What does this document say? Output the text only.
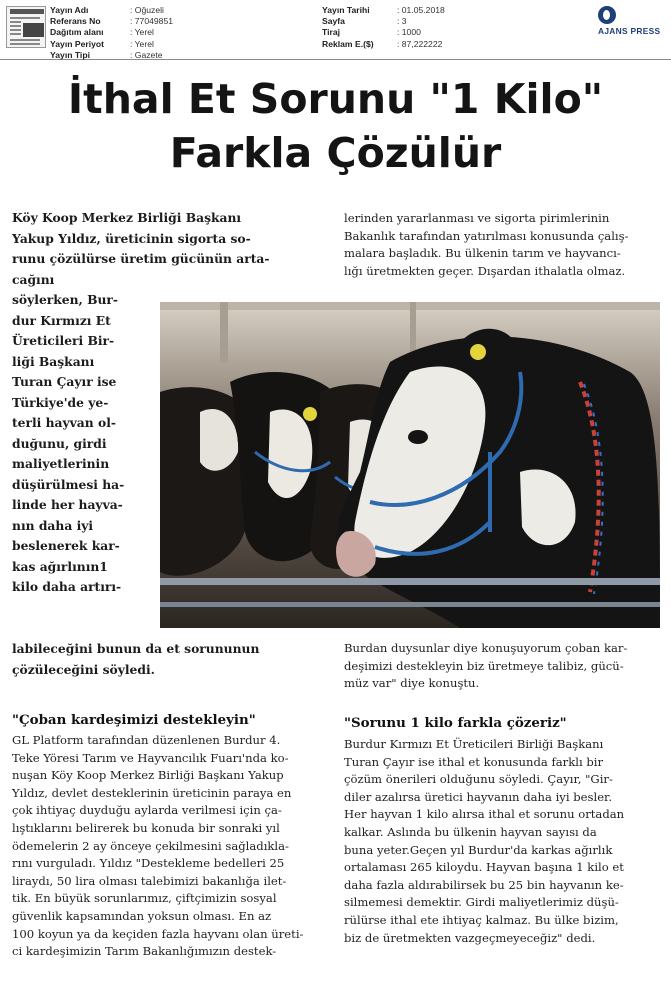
Yayın Adı	: Oğuzeli
Referans No	: 77049851
Dağıtım alanı	: Yerel
Yayın Periyot	: Yerel
Yayın Tipi	: Gazete
Yayın Tarihi	: 01.05.2018
Sayfa	: 3
Tiraj	: 1000
Reklam E.($)	: 87,222222
AJANS PRESS
İthal Et Sorunu "1 Kilo"
Farkla Çözülür
Köy Koop Merkez Birliği Başkanı
Yakup Yıldız, üreticinin sigorta so-
runu çözülürse üretim gücünün arta-
cağını
söylerken, Bur-
dur Kırmızı Et
Üreticileri Bir-
liği Başkanı
Turan Çayır ise
Türkiye'de ye-
terli hayvan ol-
duğunu, girdi
maliyetlerinin
düşürülmesi ha-
linde her hayva-
nın daha iyi
beslenerek kar-
kas ağırlının1
kilo daha artırı-
labileceğini bunun da et sorununun
çözüleceğini söyledi.
lerinden yararlanması ve sigorta pirimlerinin
Bakanlık tarafından yatırılması konusunda çalış-
malara başladık. Bu ülkenin tarım ve hayvancı-
lığı üretmekten geçer. Dışardan ithalatla olmaz.
Burdan duysunlar diye konuşuyorum çoban kar-
deşimizi destekleyin biz üretmeye talibiz, gücü-
müz var" diye konuştu.
"Çoban kardeşimizi destekleyin"
GL Platform tarafından düzenlenen Burdur 4.
Teke Yöresi Tarım ve Hayvancılık Fuarı'nda ko-
nuşan Köy Koop Merkez Birliği Başkanı Yakup
Yıldız, devlet desteklerinin üreticinin paraya en
çok ihtiyaç duyduğu aylarda verilmesi için ça-
lıştıklarını belirerek bu konuda bir sonraki yıl
ödemelerin 2 ay önceye çekilmesini sağladıkla-
rını vurguladı. Yıldız "Destekleme bedelleri 25
liraydı, 50 lira olması talebimizi bakanlığa ilet-
tik. En büyük sorunlarımız, çiftçimizin sosyal
güvenlik kapsamından yoksun olması. En az
100 koyun ya da keçiden fazla hayvanı olan üreti-
ci kardeşimizin Tarım Bakanlığımızın destek-
"Sorunu 1 kilo farkla çözeriz"
Burdur Kırmızı Et Üreticileri Birliği Başkanı
Turan Çayır ise ithal et konusunda farklı bir
çözüm önerileri olduğunu söyledi. Çayır, "Gir-
diler azalırsa üretici hayvanın daha iyi besler.
Her hayvan 1 kilo alırsa ithal et sorunu ortadan
kalkar. Aslında bu ülkenin hayvan sayısı da
buna yeter.Geçen yıl Burdur'da karkas ağırlık
ortalaması 265 kiloydu. Hayvan başına 1 kilo et
daha fazla aldırabilirsek bu 25 bin hayvanın ke-
silmemesi demektir. Girdi maliyetlerimiz düşü-
rülürse ithal ete ihtiyaç kalmaz. Bu ülke bizim,
biz de üretmekten vazgeçmeyeceğiz" dedi.
